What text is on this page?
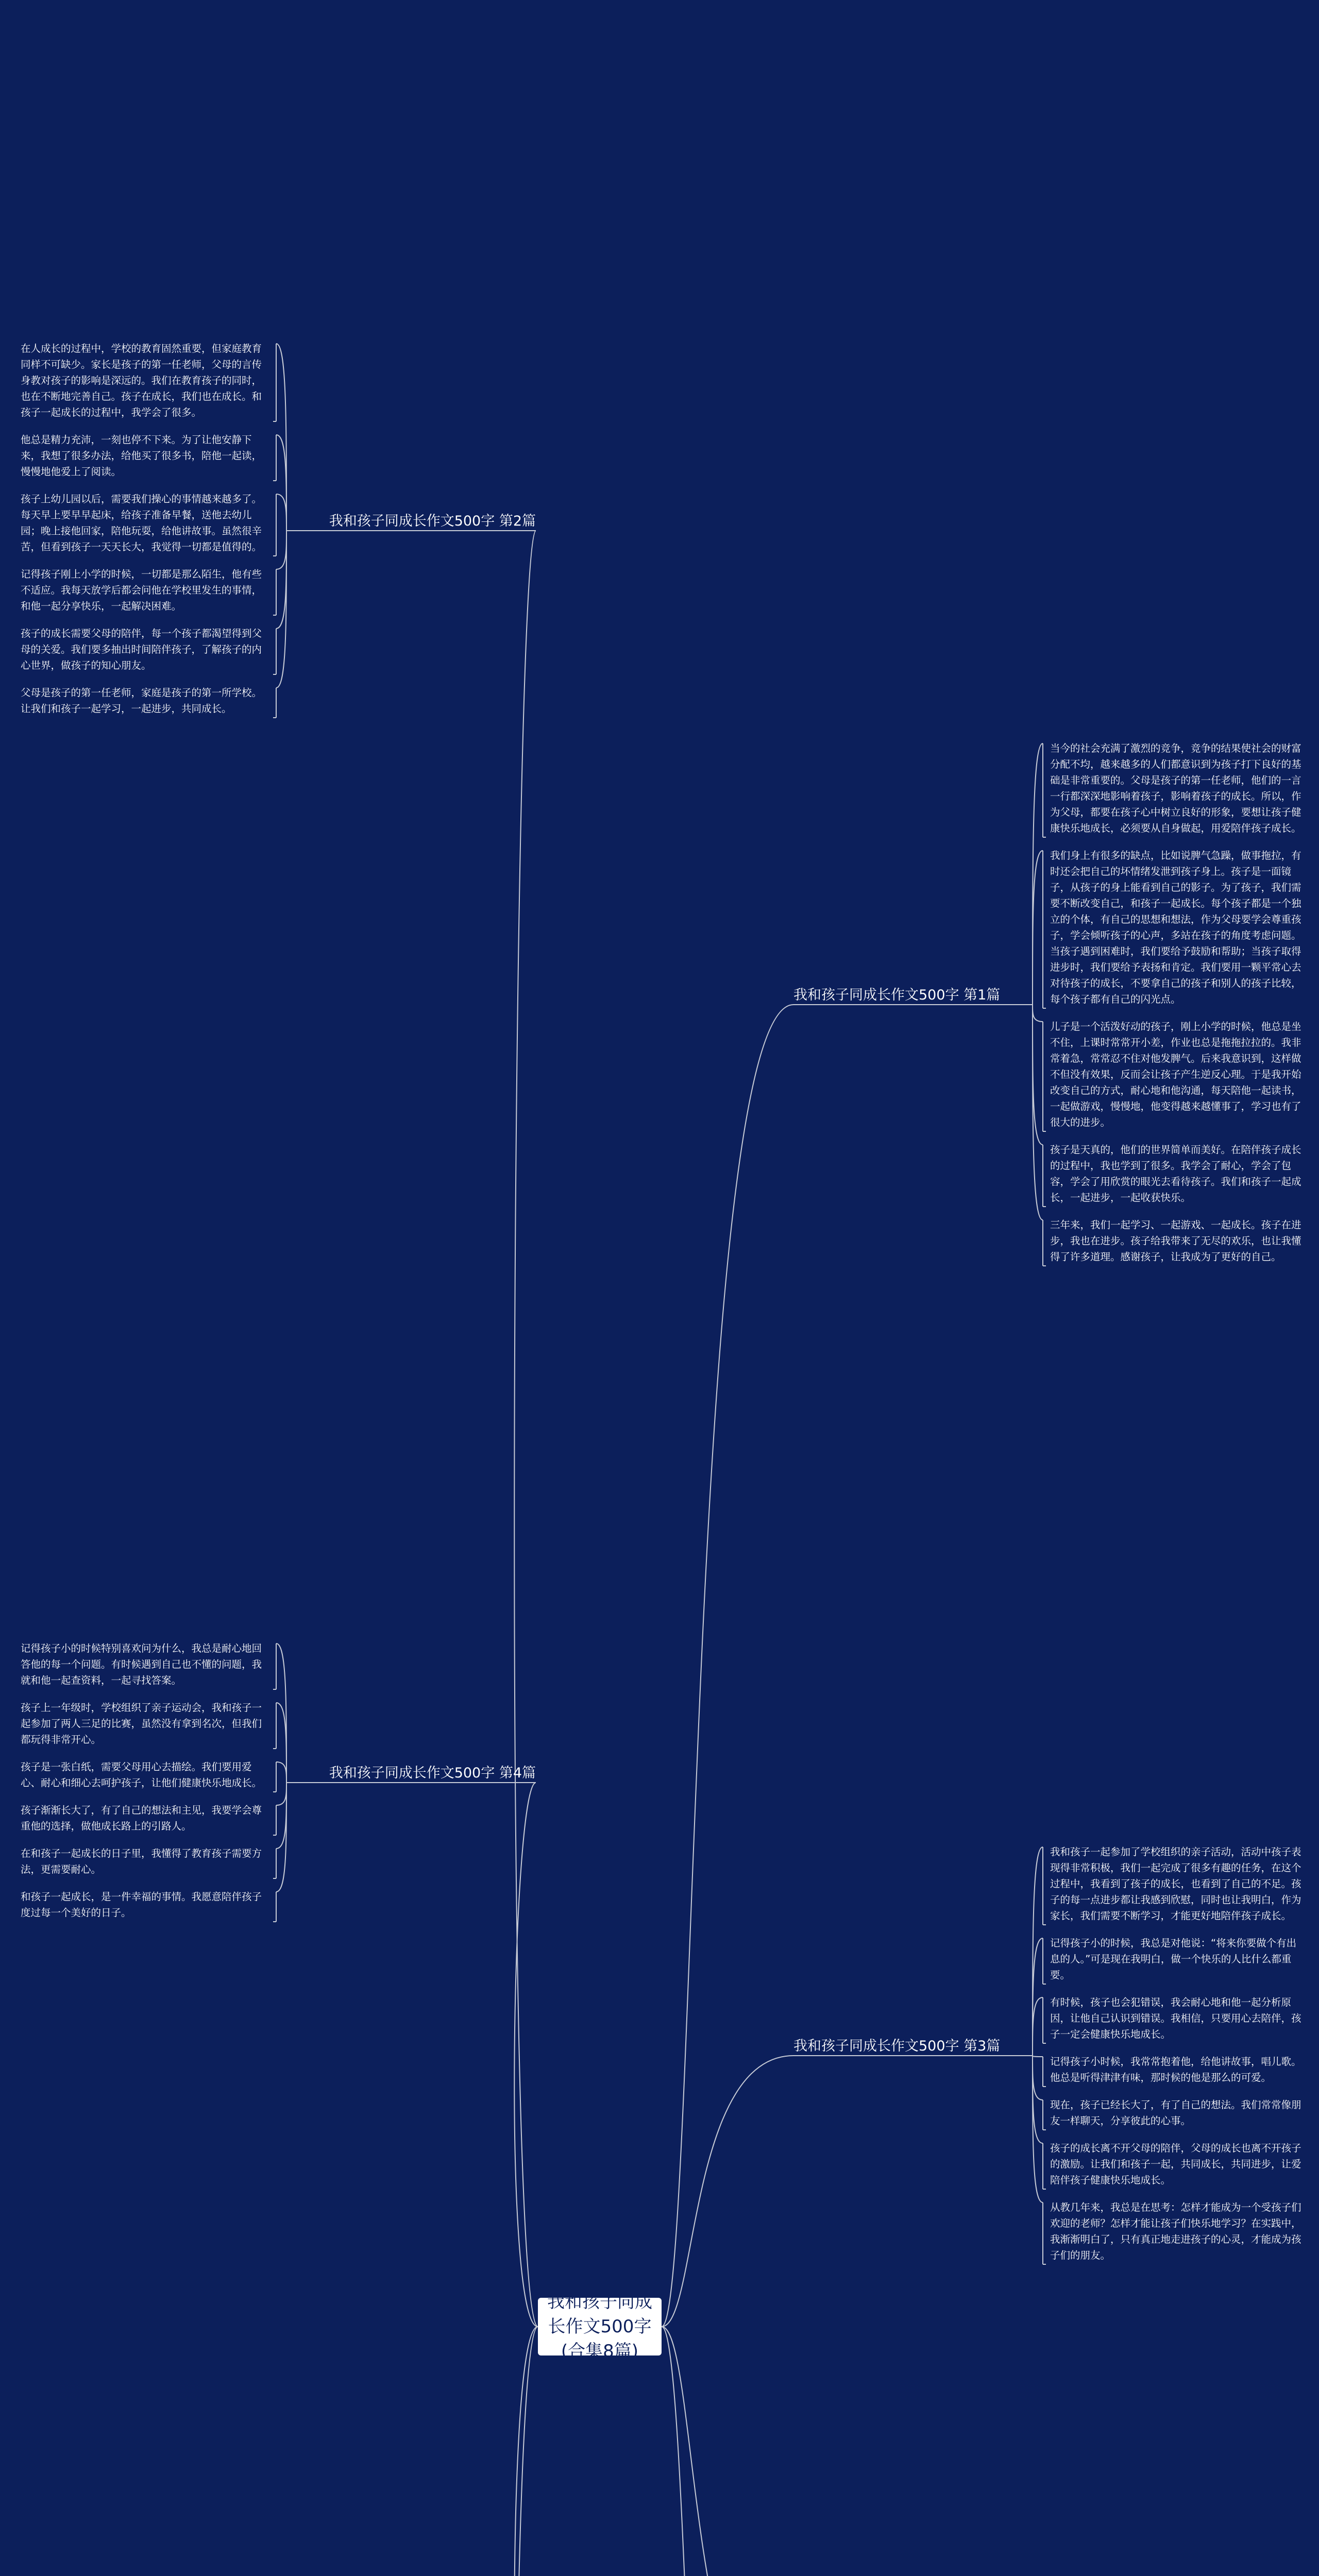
我和孩子同成长作文500字(合集8篇)
我和孩子同成长作文500字 第1篇
当今的社会充满了激烈的竞争，竞争的结果使社会的财富分配不均，越来越多的人们都意识到为孩子打下良好的基础是非常重要的。父母是孩子的第一任老师，他们的一言一行都深深地影响着孩子，影响着孩子的成长。所以，作为父母，都要在孩子心中树立良好的形象，要想让孩子健康快乐地成长，必须要从自身做起，用爱陪伴孩子成长。
我们身上有很多的缺点，比如说脾气急躁，做事拖拉，有时还会把自己的坏情绪发泄到孩子身上。孩子是一面镜子，从孩子的身上能看到自己的影子。为了孩子，我们需要不断改变自己，和孩子一起成长。每个孩子都是一个独立的个体，有自己的思想和想法，作为父母要学会尊重孩子，学会倾听孩子的心声，多站在孩子的角度考虑问题。当孩子遇到困难时，我们要给予鼓励和帮助；当孩子取得进步时，我们要给予表扬和肯定。我们要用一颗平常心去对待孩子的成长，不要拿自己的孩子和别人的孩子比较，每个孩子都有自己的闪光点。
儿子是一个活泼好动的孩子，刚上小学的时候，他总是坐不住，上课时常常开小差，作业也总是拖拖拉拉的。我非常着急，常常忍不住对他发脾气。后来我意识到，这样做不但没有效果，反而会让孩子产生逆反心理。于是我开始改变自己的方式，耐心地和他沟通，每天陪他一起读书，一起做游戏，慢慢地，他变得越来越懂事了，学习也有了很大的进步。
孩子是天真的，他们的世界简单而美好。在陪伴孩子成长的过程中，我也学到了很多。我学会了耐心，学会了包容，学会了用欣赏的眼光去看待孩子。我们和孩子一起成长，一起进步，一起收获快乐。
三年来，我们一起学习、一起游戏、一起成长。孩子在进步，我也在进步。孩子给我带来了无尽的欢乐，也让我懂得了许多道理。感谢孩子，让我成为了更好的自己。
我和孩子同成长作文500字 第3篇
我和孩子一起参加了学校组织的亲子活动，活动中孩子表现得非常积极，我们一起完成了很多有趣的任务，在这个过程中，我看到了孩子的成长，也看到了自己的不足。孩子的每一点进步都让我感到欣慰，同时也让我明白，作为家长，我们需要不断学习，才能更好地陪伴孩子成长。
记得孩子小的时候，我总是对他说：“将来你要做个有出息的人。”可是现在我明白，做一个快乐的人比什么都重要。
有时候，孩子也会犯错误，我会耐心地和他一起分析原因，让他自己认识到错误。我相信，只要用心去陪伴，孩子一定会健康快乐地成长。
记得孩子小时候，我常常抱着他，给他讲故事，唱儿歌。他总是听得津津有味，那时候的他是那么的可爱。
现在，孩子已经长大了，有了自己的想法。我们常常像朋友一样聊天，分享彼此的心事。
孩子的成长离不开父母的陪伴，父母的成长也离不开孩子的激励。让我们和孩子一起，共同成长，共同进步，让爱陪伴孩子健康快乐地成长。
从教几年来，我总是在思考：怎样才能成为一个受孩子们欢迎的老师？怎样才能让孩子们快乐地学习？在实践中，我渐渐明白了，只有真正地走进孩子的心灵，才能成为孩子们的朋友。
我和孩子同成长作文500字 第2篇
在人成长的过程中，学校的教育固然重要，但家庭教育同样不可缺少。家长是孩子的第一任老师，父母的言传身教对孩子的影响是深远的。我们在教育孩子的同时，也在不断地完善自己。孩子在成长，我们也在成长。和孩子一起成长的过程中，我学会了很多。
他总是精力充沛，一刻也停不下来。为了让他安静下来，我想了很多办法，给他买了很多书，陪他一起读，慢慢地他爱上了阅读。
孩子上幼儿园以后，需要我们操心的事情越来越多了。每天早上要早早起床，给孩子准备早餐，送他去幼儿园；晚上接他回家，陪他玩耍，给他讲故事。虽然很辛苦，但看到孩子一天天长大，我觉得一切都是值得的。
记得孩子刚上小学的时候，一切都是那么陌生，他有些不适应。我每天放学后都会问他在学校里发生的事情，和他一起分享快乐，一起解决困难。
孩子的成长需要父母的陪伴，每一个孩子都渴望得到父母的关爱。我们要多抽出时间陪伴孩子，了解孩子的内心世界，做孩子的知心朋友。
父母是孩子的第一任老师，家庭是孩子的第一所学校。让我们和孩子一起学习，一起进步，共同成长。
我和孩子同成长作文500字 第4篇
记得孩子小的时候特别喜欢问为什么，我总是耐心地回答他的每一个问题。有时候遇到自己也不懂的问题，我就和他一起查资料，一起寻找答案。
孩子上一年级时，学校组织了亲子运动会，我和孩子一起参加了两人三足的比赛，虽然没有拿到名次，但我们都玩得非常开心。
孩子是一张白纸，需要父母用心去描绘。我们要用爱心、耐心和细心去呵护孩子，让他们健康快乐地成长。
孩子渐渐长大了，有了自己的想法和主见，我要学会尊重他的选择，做他成长路上的引路人。
在和孩子一起成长的日子里，我懂得了教育孩子需要方法，更需要耐心。
和孩子一起成长，是一件幸福的事情。我愿意陪伴孩子度过每一个美好的日子。
